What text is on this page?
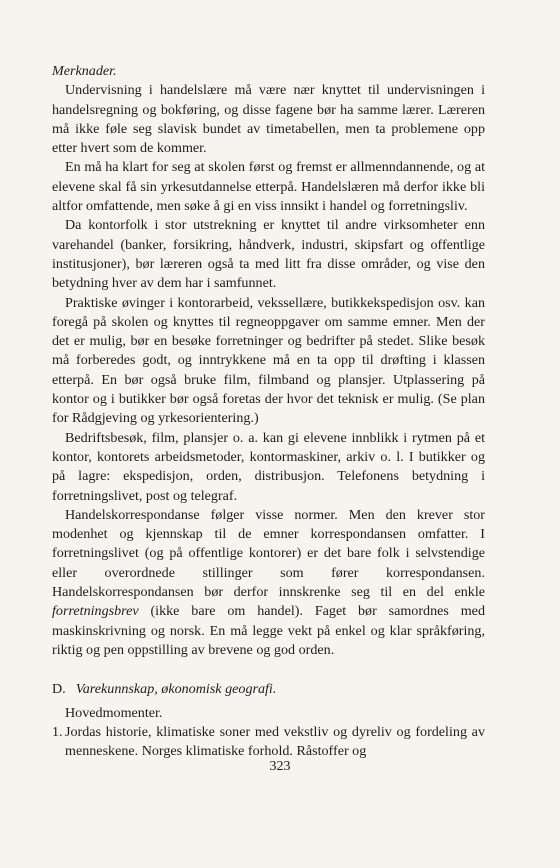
Merknader.

Undervisning i handelslære må være nær knyttet til undervisningen i handelsregning og bokføring, og disse fagene bør ha samme lærer. Læreren må ikke føle seg slavisk bundet av timetabellen, men ta problemene opp etter hvert som de kommer.

En må ha klart for seg at skolen først og fremst er allmenndannende, og at elevene skal få sin yrkesutdannelse etterpå. Handelslæren må derfor ikke bli altfor omfattende, men søke å gi en viss innsikt i handel og forretningsliv.

Da kontorfolk i stor utstrekning er knyttet til andre virksomheter enn varehandel (banker, forsikring, håndverk, industri, skipsfart og offentlige institusjoner), bør læreren også ta med litt fra disse områder, og vise den betydning hver av dem har i samfunnet.

Praktiske øvinger i kontorarbeid, vekssellære, butikkekspedisjon osv. kan foregå på skolen og knyttes til regneoppgaver om samme emner. Men der det er mulig, bør en besøke forretninger og bedrifter på stedet. Slike besøk må forberedes godt, og inntrykkene må en ta opp til drøfting i klassen etterpå. En bør også bruke film, filmband og plansjer. Utplassering på kontor og i butikker bør også foretas der hvor det teknisk er mulig. (Se plan for Rådgjeving og yrkesorientering.)

Bedriftsbesøk, film, plansjer o. a. kan gi elevene innblikk i rytmen på et kontor, kontorets arbeidsmetoder, kontormaskiner, arkiv o. l. I butikker og på lagre: ekspedisjon, orden, distribusjon. Telefonens betydning i forretningslivet, post og telegraf.

Handelskorrespondanse følger visse normer. Men den krever stor modenhet og kjennskap til de emner korrespondansen omfatter. I forretningslivet (og på offentlige kontorer) er det bare folk i selvstendige eller overordnede stillinger som fører korrespondansen. Handelskorrespondansen bør derfor innskrenke seg til en del enkle forretningsbrev (ikke bare om handel). Faget bør samordnes med maskinskrivning og norsk. En må legge vekt på enkel og klar språkføring, riktig og pen oppstilling av brevene og god orden.

D. Varekunnskap, økonomisk geografi.

Hovedmomenter.

1. Jordas historie, klimatiske soner med vekstliv og dyreliv og fordeling av menneskene. Norges klimatiske forhold. Råstoffer og
323
